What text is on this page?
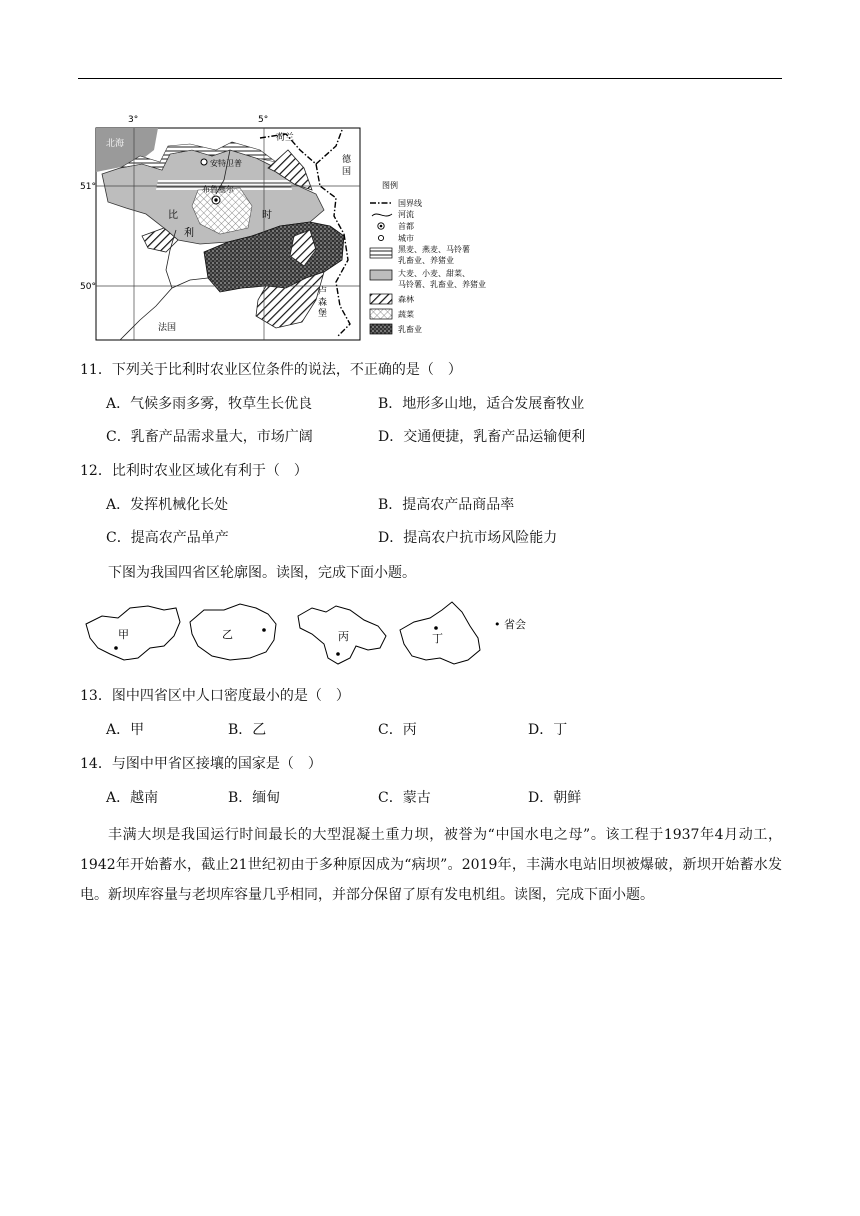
3°	5°
51°
50°
北海
荷兰
德
国
安特卫普
布鲁塞尔
比
利
时
卢
森
堡
法国
图例
国界线
河流
首都
城市
黑麦、燕麦、马铃薯
乳畜业、养猪业
大麦、小麦、甜菜、
马铃薯、乳畜业、养猪业
森林
蔬菜
乳畜业
11．下列关于比利时农业区位条件的说法，不正确的是（　）
A．气候多雨多雾，牧草生长优良	B．地形多山地，适合发展畜牧业
C．乳畜产品需求量大，市场广阔	D．交通便捷，乳畜产品运输便利
12．比利时农业区域化有利于（　）
A．发挥机械化长处	B．提高农产品商品率
C．提高农产品单产	D．提高农户抗市场风险能力
下图为我国四省区轮廓图。读图，完成下面小题。
甲	乙	丙	丁
• 省会
13．图中四省区中人口密度最小的是（　）
A．甲	B．乙	C．丙	D．丁
14．与图中甲省区接壤的国家是（　）
A．越南	B．缅甸	C．蒙古	D．朝鲜

丰满大坝是我国运行时间最长的大型混凝土重力坝，被誉为“中国水电之母”。该工程于1937年4月动工，1942年开始蓄水，截止21世纪初由于多种原因成为“病坝”。2019年，丰满水电站旧坝被爆破，新坝开始蓄水发电。新坝库容量与老坝库容量几乎相同，并部分保留了原有发电机组。读图，完成下面小题。
